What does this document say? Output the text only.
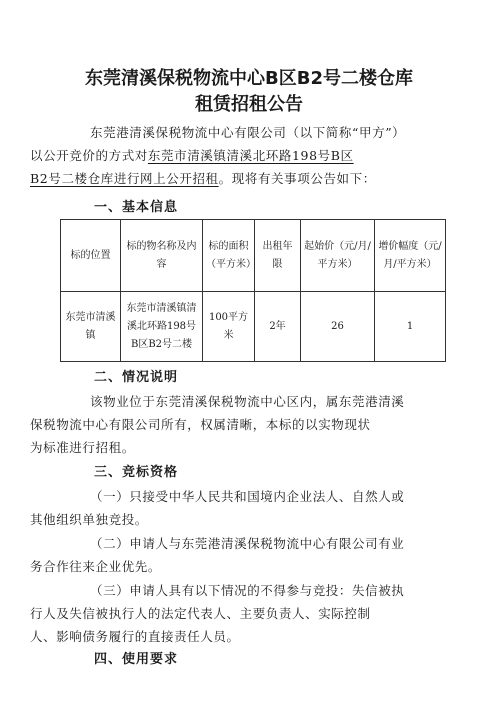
东莞清溪保税物流中心B区B2号二楼仓库
租赁招租公告
东莞港清溪保税物流中心有限公司（以下简称“甲方”）
以公开竞价的方式对东莞市清溪镇清溪北环路198号B区
B2号二楼仓库进行网上公开招租。现将有关事项公告如下：
一、基本信息
标的位置	标的物名称及内容	标的面积（平方米）	出租年限	起始价（元/月/平方米）	增价幅度（元/月/平方米）
东莞市清溪镇	东莞市清溪镇清溪北环路198号B区B2号二楼	100平方米	2年	26	1
二、情况说明
该物业位于东莞清溪保税物流中心区内，属东莞港清溪
保税物流中心有限公司所有，权属清晰，本标的以实物现状
为标准进行招租。
三、竞标资格
（一）只接受中华人民共和国境内企业法人、自然人或
其他组织单独竞投。
（二）申请人与东莞港清溪保税物流中心有限公司有业
务合作往来企业优先。
（三）申请人具有以下情况的不得参与竞投：失信被执
行人及失信被执行人的法定代表人、主要负责人、实际控制
人、影响债务履行的直接责任人员。
四、使用要求
